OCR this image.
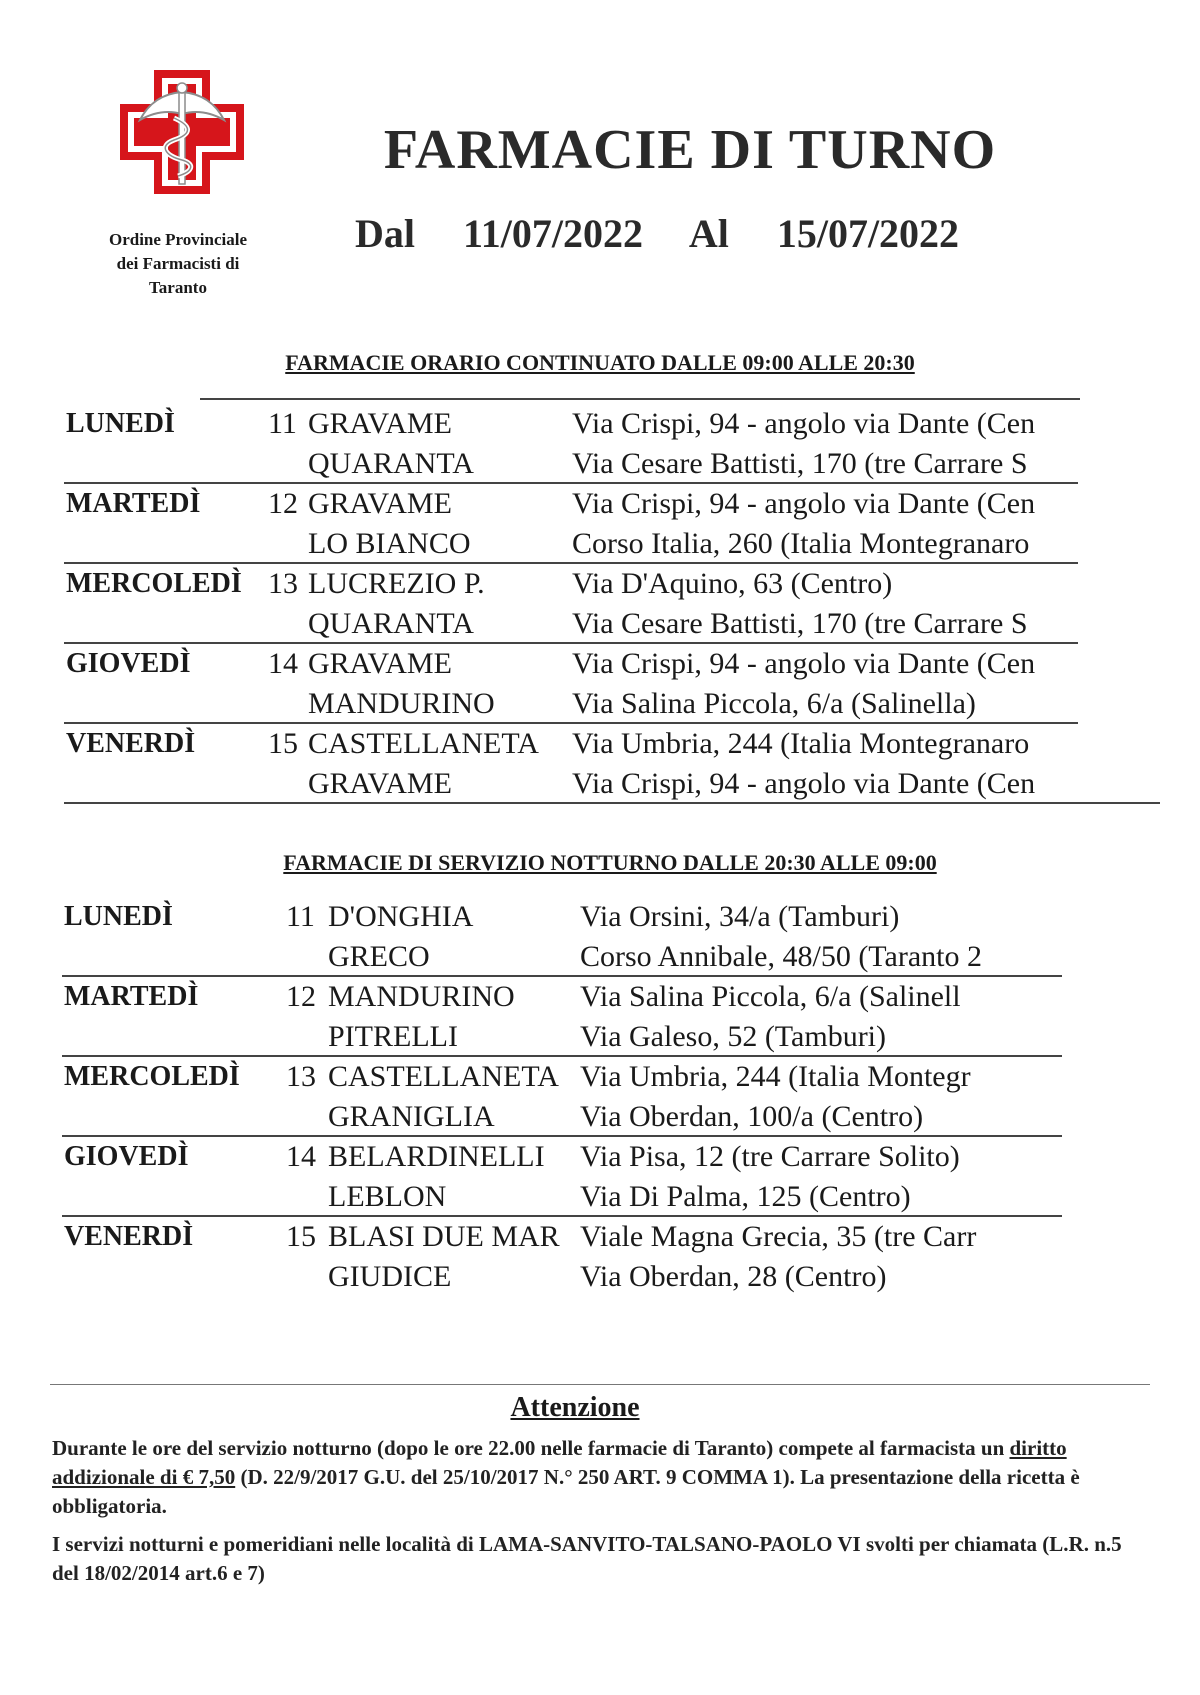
Ordine Provinciale
dei Farmacisti di
Taranto
FARMACIE DI TURNO
Dal 11/07/2022 Al 15/07/2022
FARMACIE ORARIO CONTINUATO DALLE 09:00 ALLE 20:30
LUNEDÌ	11 GRAVAME	Via Crispi, 94 - angolo via Dante (Cen
QUARANTA	Via Cesare Battisti, 170 (tre Carrare S
MARTEDÌ 12 GRAVAME	Via Crispi, 94 - angolo via Dante (Cen
LO BIANCO	Corso Italia, 260 (Italia Montegranaro
MERCOLEDÌ 13 LUCREZIO P.	Via D'Aquino, 63 (Centro)
QUARANTA	Via Cesare Battisti, 170 (tre Carrare S
GIOVEDÌ	14 GRAVAME	Via Crispi, 94 - angolo via Dante (Cen
MANDURINO	Via Salina Piccola, 6/a (Salinella)
VENERDÌ 15 CASTELLANETA Via Umbria, 244 (Italia Montegranaro
GRAVAME	Via Crispi, 94 - angolo via Dante (Cen
FARMACIE DI SERVIZIO NOTTURNO DALLE 20:30 ALLE 09:00
LUNEDÌ	11 D'ONGHIA	Via Orsini, 34/a (Tamburi)
GRECO	Corso Annibale, 48/50 (Taranto 2
MARTEDÌ	12 MANDURINO Via Salina Piccola, 6/a (Salinell
PITRELLI	Via Galeso, 52 (Tamburi)
MERCOLEDÌ 13 CASTELLANETA Via Umbria, 244 (Italia Montegr
GRANIGLIA	Via Oberdan, 100/a (Centro)
GIOVEDÌ	14 BELARDINELLI Via Pisa, 12 (tre Carrare Solito)
LEBLON	Via Di Palma, 125 (Centro)
VENERDÌ	15 BLASI DUE MAR Viale Magna Grecia, 35 (tre Carr
GIUDICE	Via Oberdan, 28 (Centro)
Attenzione
Durante le ore del servizio notturno (dopo le ore 22.00 nelle farmacie di Taranto) compete al farmacista un diritto addizionale di € 7,50 (D. 22/9/2017 G.U. del 25/10/2017 N.° 250 ART. 9 COMMA 1). La presentazione della ricetta è obbligatoria.
I servizi notturni e pomeridiani nelle località di LAMA-SANVITO-TALSANO-PAOLO VI svolti per chiamata (L.R. n.5 del 18/02/2014 art.6 e 7)
